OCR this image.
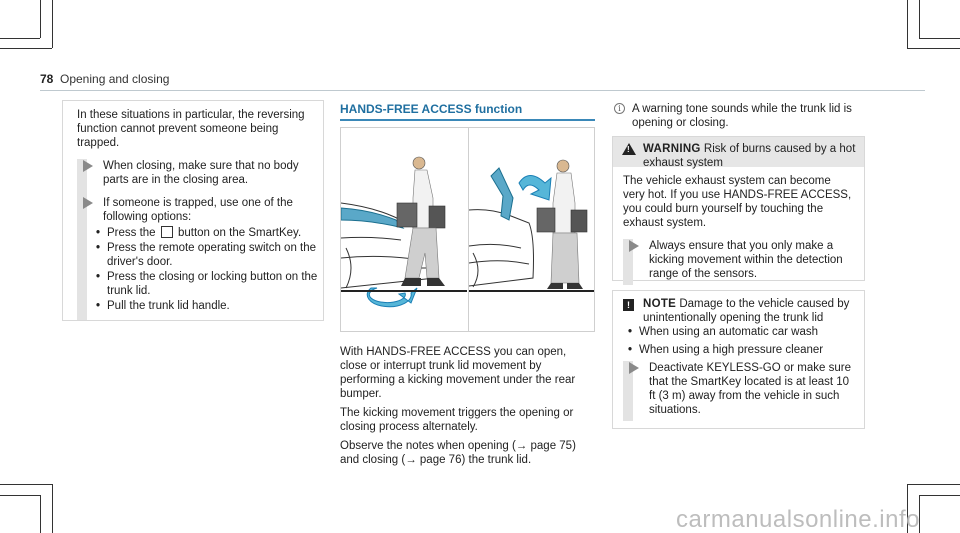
78 Opening and closing

In these situations in particular, the reversing function cannot prevent someone being trapped.

When closing, make sure that no body parts are in the closing area.
If someone is trapped, use one of the following options:
• Press the button on the SmartKey.
• Press the remote operating switch on the driver's door.
• Press the closing or locking button on the trunk lid.
• Pull the trunk lid handle.
HANDS-FREE ACCESS function

With HANDS-FREE ACCESS you can open, close or interrupt trunk lid movement by performing a kicking movement under the rear bumper.

The kicking movement triggers the opening or closing process alternately.

Observe the notes when opening (→ page 75) and closing (→ page 76) the trunk lid.

i A warning tone sounds while the trunk lid is opening or closing.
! WARNING Risk of burns caused by a hot exhaust system

The vehicle exhaust system can become very hot. If you use HANDS-FREE ACCESS, you could burn yourself by touching the exhaust system.

Always ensure that you only make a kicking movement within the detection range of the sensors.
!	NOTE Damage to the vehicle caused by unintentionally opening the trunk lid
• When using an automatic car wash
• When using a high pressure cleaner
Deactivate KEYLESS-GO or make sure that the SmartKey located is at least 10 ft (3 m) away from the vehicle in such situations.
carmanualsonline.info
